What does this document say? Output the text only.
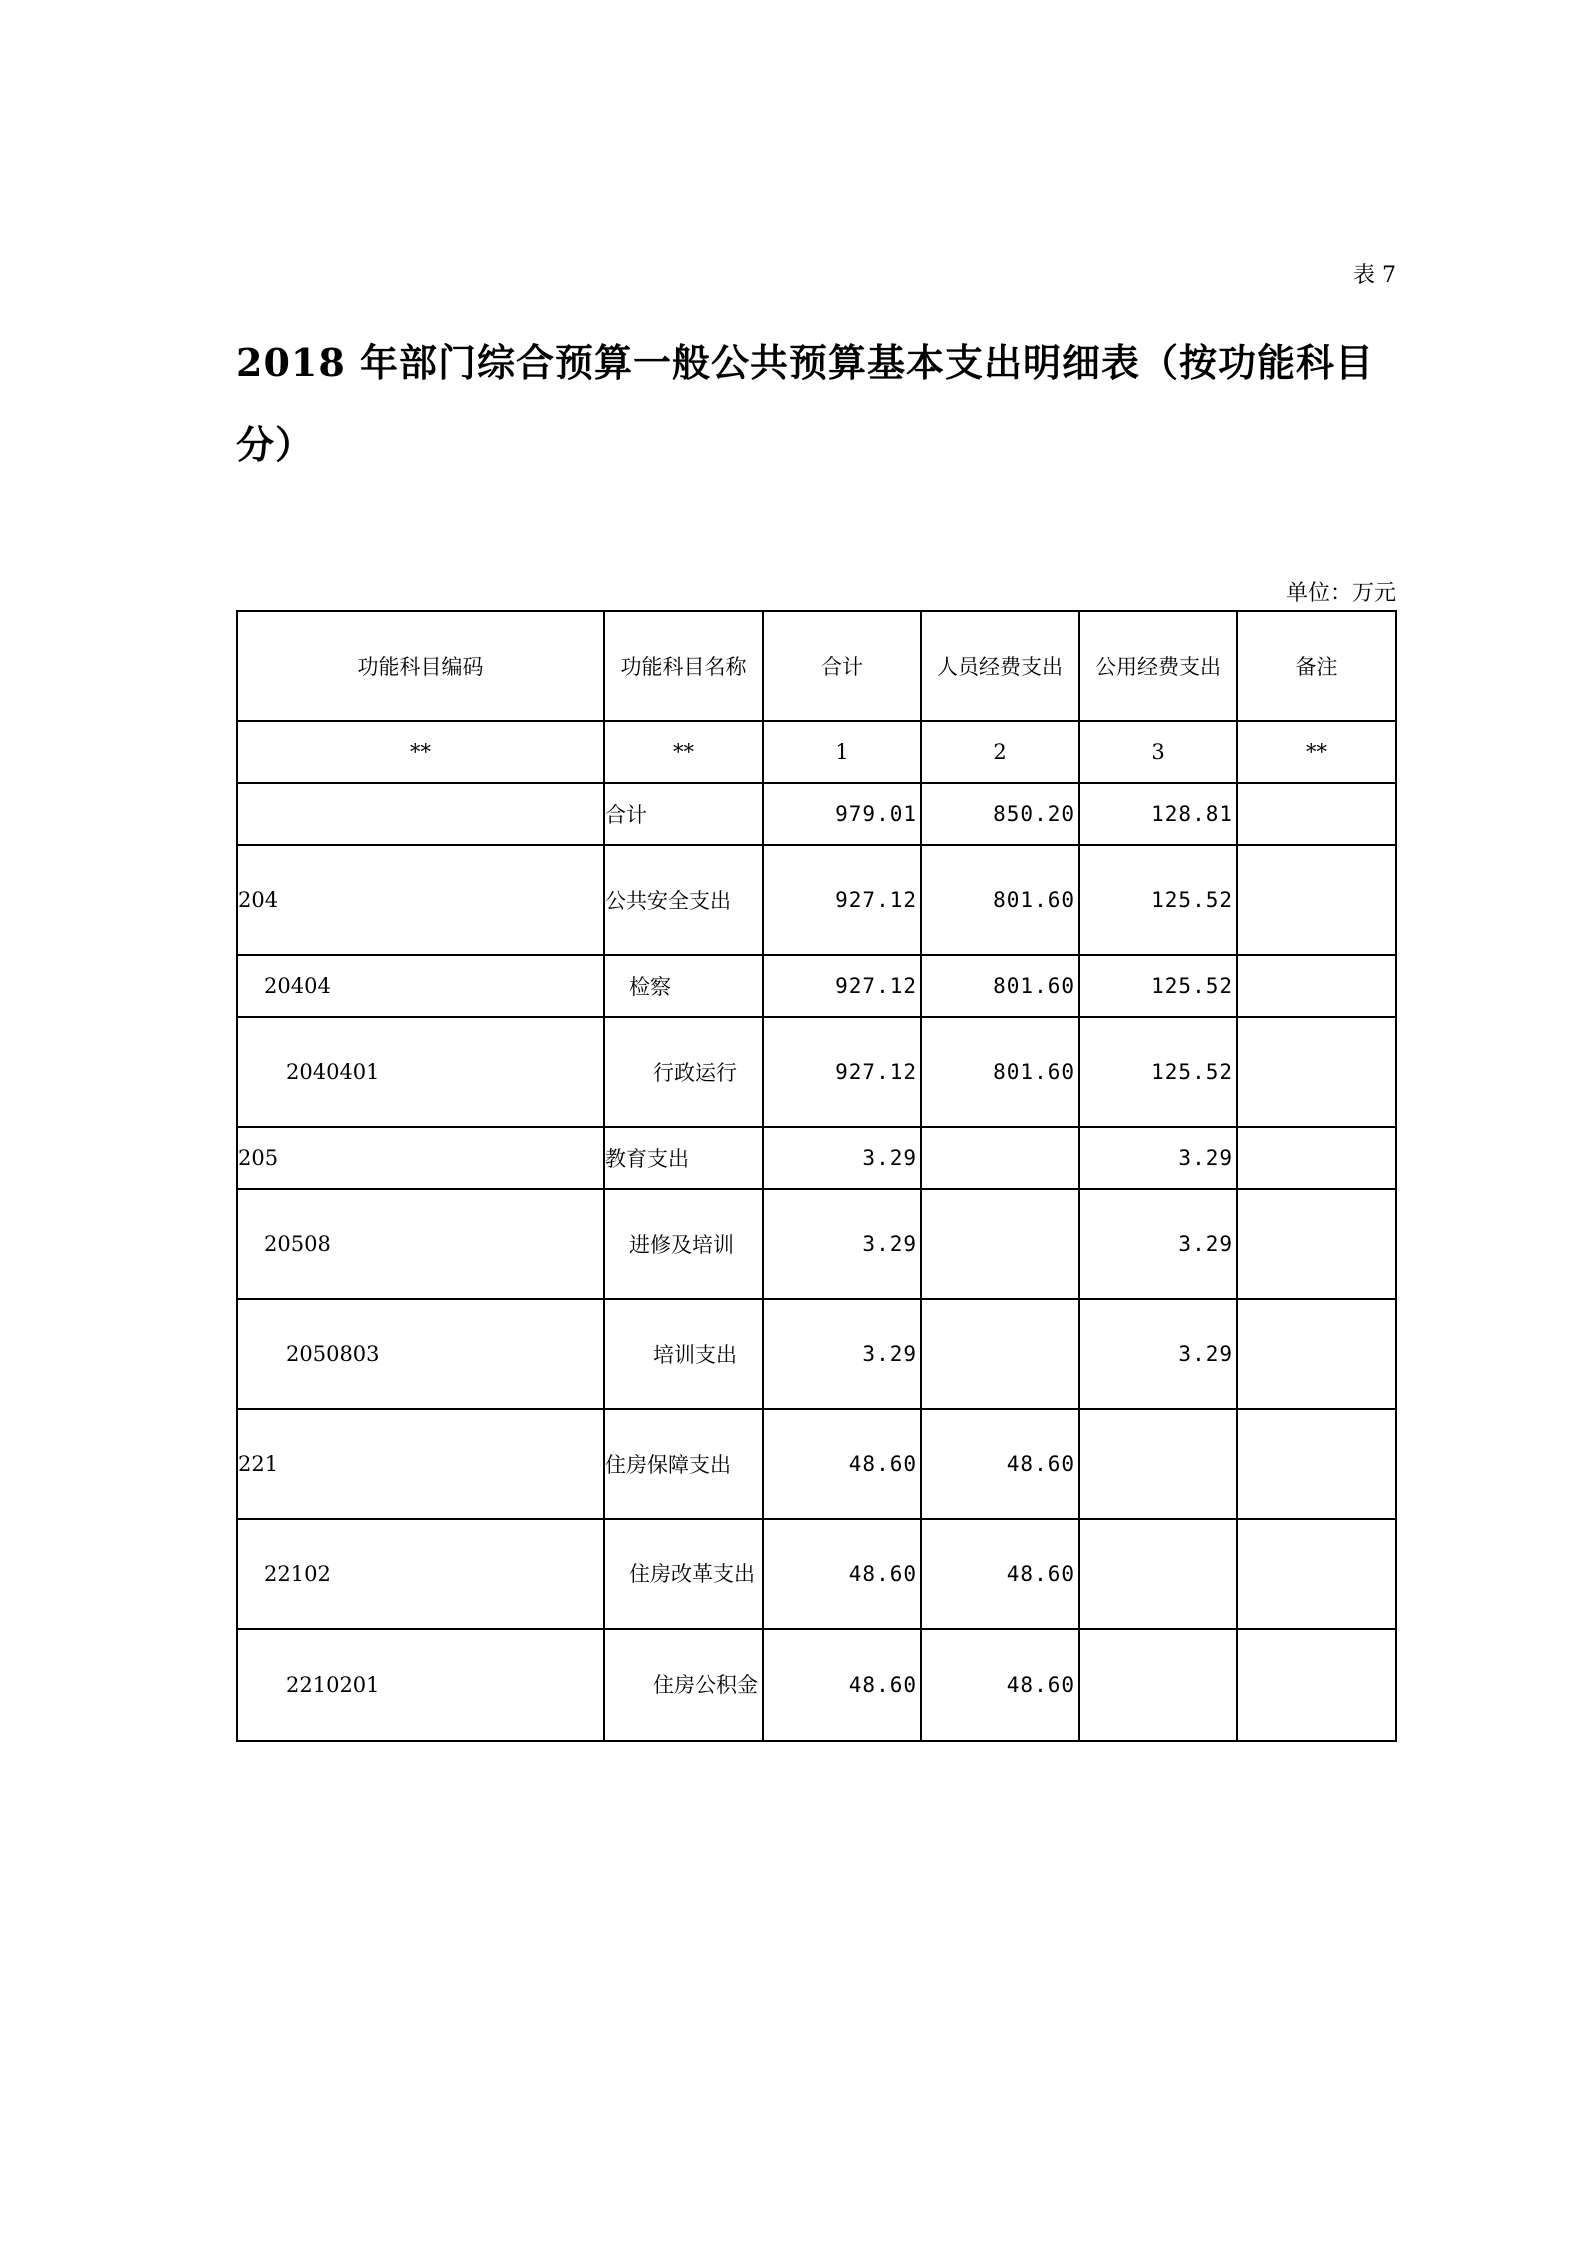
表 7
2018 年部门综合预算一般公共预算基本支出明细表（按功能科目分）
单位：万元
功能科目编码	功能科目名称	合计	人员经费支出	公用经费支出	备注
**	**	1	2	3	**
	合计	979.01	850.20	128.81	
204	公共安全支出	927.12	801.60	125.52	
20404	检察	927.12	801.60	125.52	
2040401	行政运行	927.12	801.60	125.52	
205	教育支出	3.29		3.29	
20508	进修及培训	3.29		3.29	
2050803	培训支出	3.29		3.29	
221	住房保障支出	48.60	48.60		
22102	住房改革支出	48.60	48.60		
2210201	住房公积金	48.60	48.60		
